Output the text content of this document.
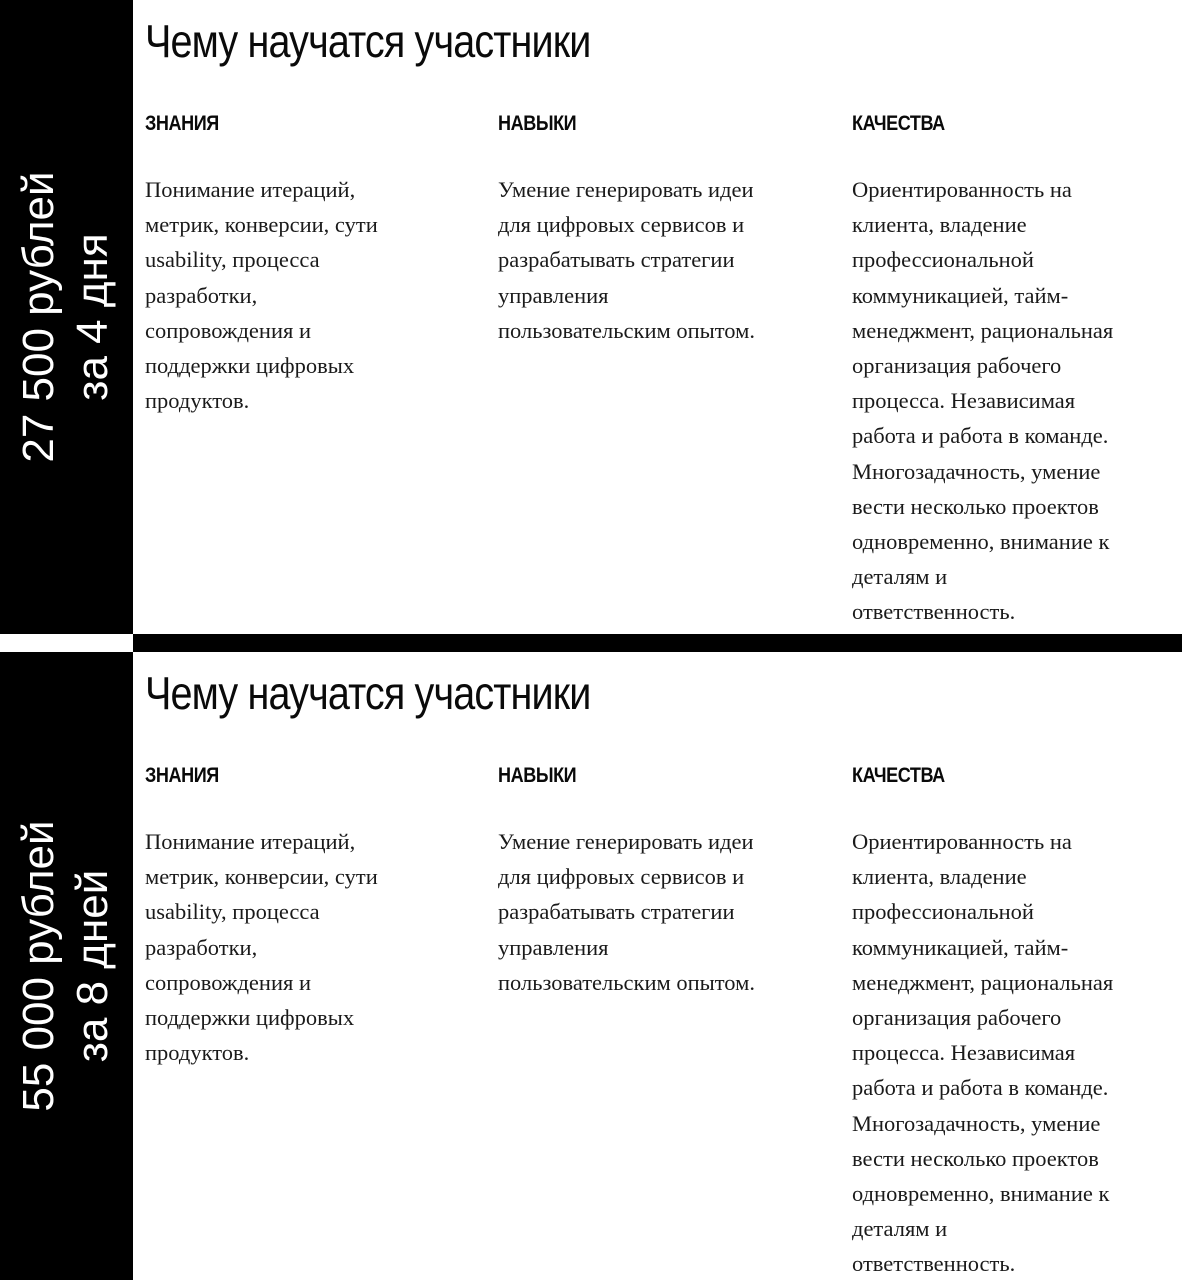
27 500 рублей за 4 дня
Чему научатся участники
ЗНАНИЯ
Понимание итераций,
метрик, конверсии, сути
usability, процесса
разработки,
сопровождения и
поддержки цифровых
продуктов.
НАВЫКИ
Умение генерировать идеи
для цифровых сервисов и
разрабатывать стратегии
управления
пользовательским опытом.
КАЧЕСТВА
Ориентированность на
клиента, владение
профессиональной
коммуникацией, тайм-
менеджмент, рациональная
организация рабочего
процесса. Независимая
работа и работа в команде.
Многозадачность, умение
вести несколько проектов
одновременно, внимание к
деталям и
ответственность.
55 000 рублей за 8 дней
Чему научатся участники
ЗНАНИЯ
Понимание итераций,
метрик, конверсии, сути
usability, процесса
разработки,
сопровождения и
поддержки цифровых
продуктов.
НАВЫКИ
Умение генерировать идеи
для цифровых сервисов и
разрабатывать стратегии
управления
пользовательским опытом.
КАЧЕСТВА
Ориентированность на
клиента, владение
профессиональной
коммуникацией, тайм-
менеджмент, рациональная
организация рабочего
процесса. Независимая
работа и работа в команде.
Многозадачность, умение
вести несколько проектов
одновременно, внимание к
деталям и
ответственность.
